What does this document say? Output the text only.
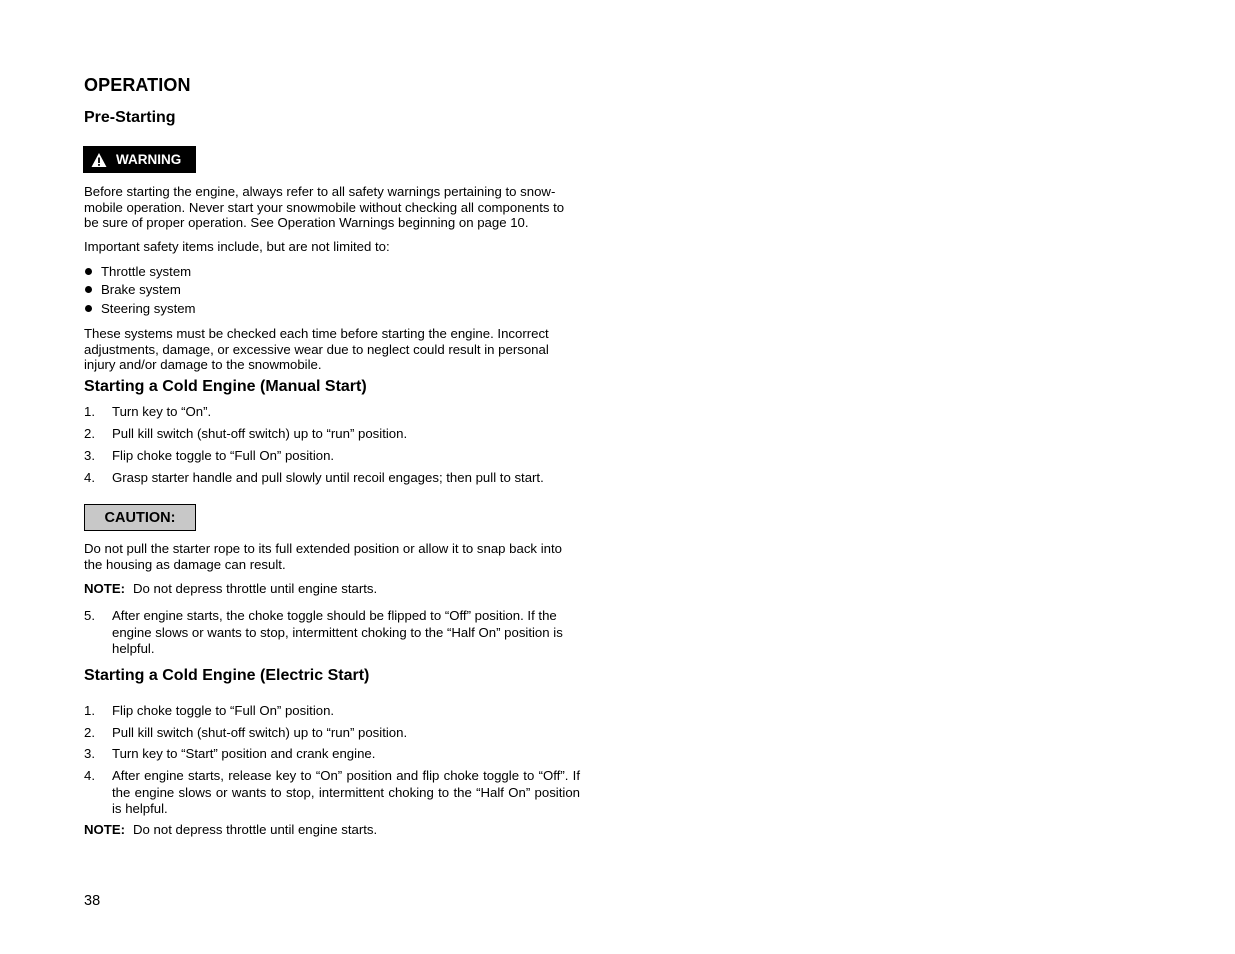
OPERATION
Pre-Starting
WARNING
Before starting the engine, always refer to all safety warnings pertaining to snow-mobile operation. Never start your snowmobile without checking all components to be sure of proper operation. See Operation Warnings beginning on page 10.
Important safety items include, but are not limited to:
Throttle system
Brake system
Steering system
These systems must be checked each time before starting the engine. Incorrect adjustments, damage, or excessive wear due to neglect could result in personal injury and/or damage to the snowmobile.
Starting a Cold Engine (Manual Start)
1.	Turn key to “On”.
2.	Pull kill switch (shut-off switch) up to “run” position.
3.	Flip choke toggle to “Full On” position.
4.	Grasp starter handle and pull slowly until recoil engages; then pull to start.
CAUTION:
Do not pull the starter rope to its full extended position or allow it to snap back into the housing as damage can result.
NOTE: Do not depress throttle until engine starts.
5.	After engine starts, the choke toggle should be flipped to “Off” position. If the engine slows or wants to stop, intermittent choking to the “Half On” position is helpful.
Starting a Cold Engine (Electric Start)
1.	Flip choke toggle to “Full On” position.
2.	Pull kill switch (shut-off switch) up to “run” position.
3.	Turn key to “Start” position and crank engine.
4.	After engine starts, release key to “On” position and flip choke toggle to “Off”. If the engine slows or wants to stop, intermittent choking to the “Half On” position is helpful.
NOTE: Do not depress throttle until engine starts.
38
